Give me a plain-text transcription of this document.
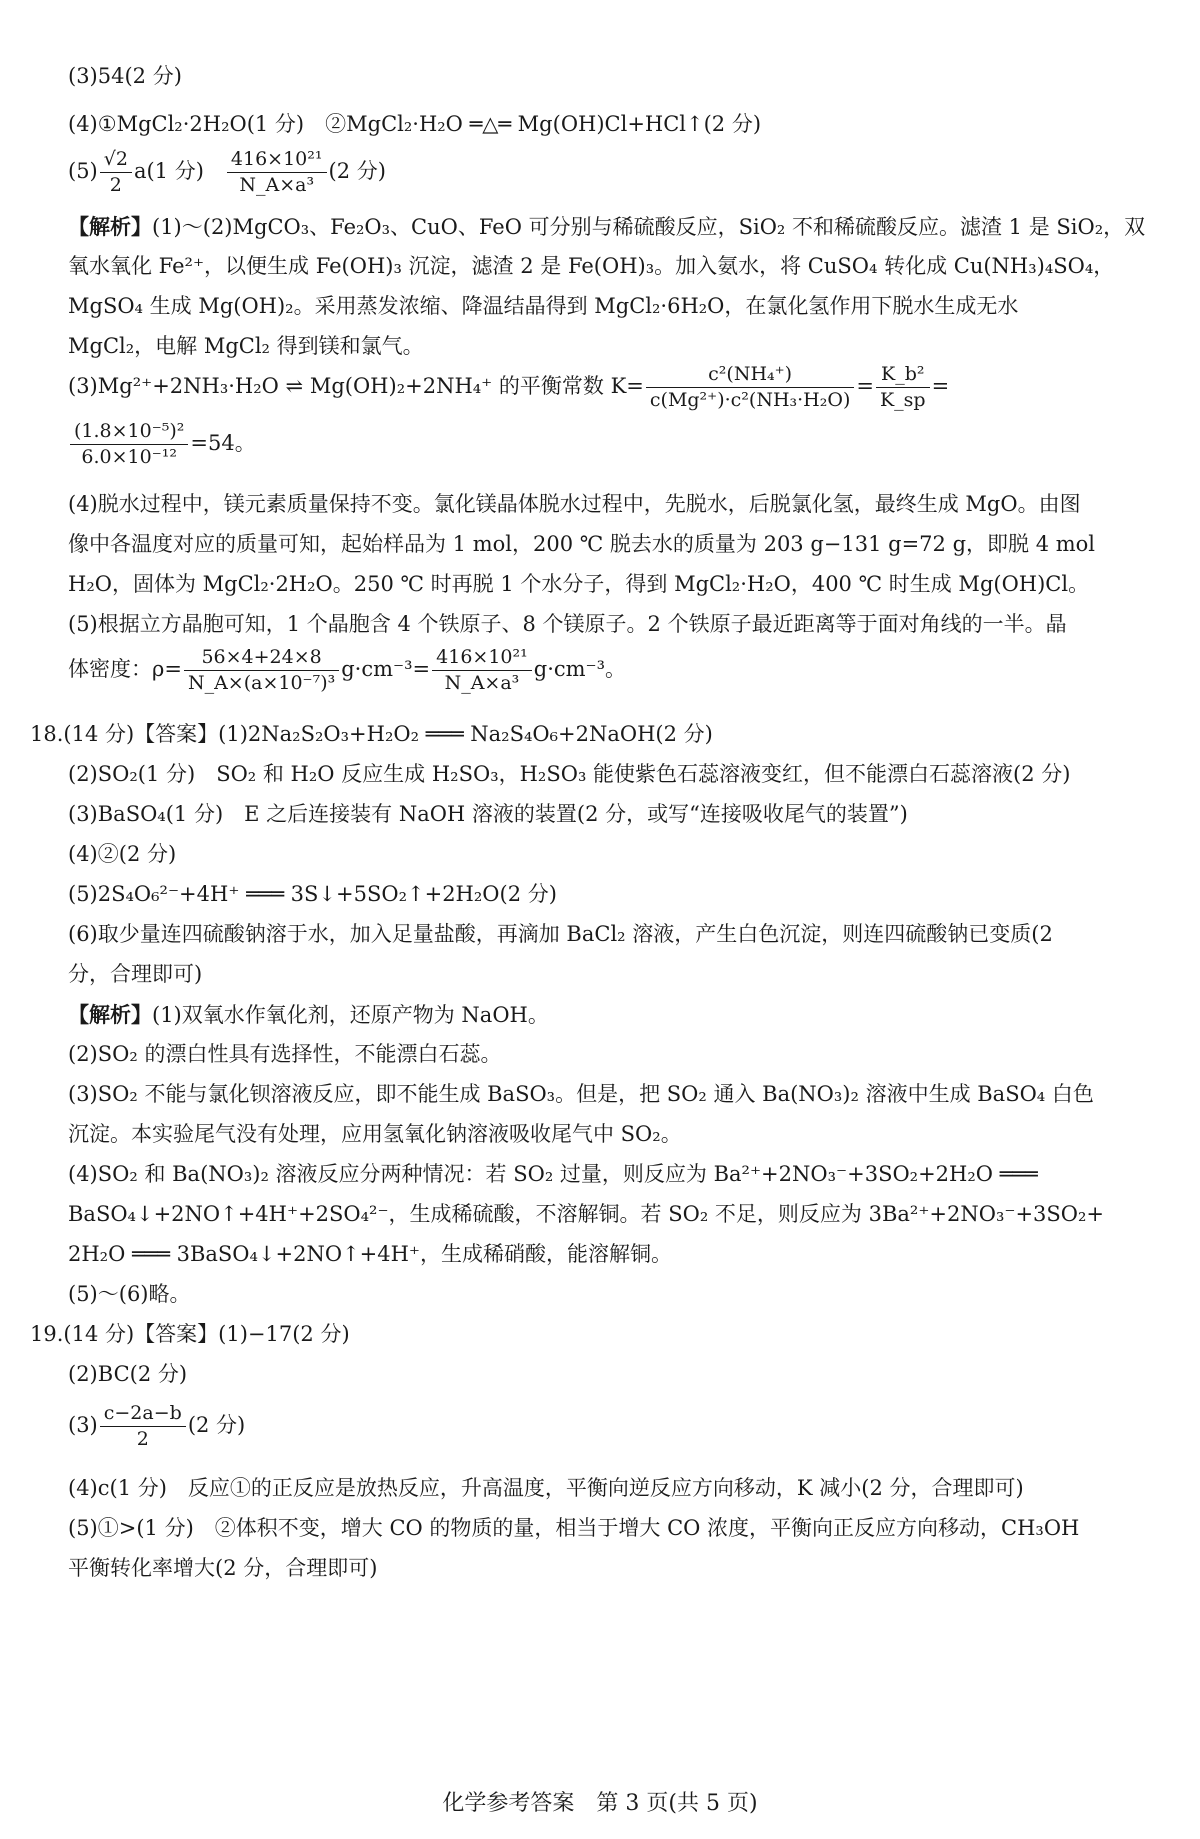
(3)54(2 分)
(4)①MgCl₂·2H₂O(1 分)　②MgCl₂·H₂O ═△═ Mg(OH)Cl+HCl↑(2 分)
$(5) \frac{√2}{2} a(1$ 分)　 $\frac{\text{416×10²¹}}{\text{N\_A×a³}} (2$ 分)
【解析】(1)～(2)MgCO₃、Fe₂O₃、CuO、FeO 可分别与稀硫酸反应，SiO₂ 不和稀硫酸反应。滤渣 1 是 SiO₂，双
氧水氧化 Fe²⁺，以便生成 Fe(OH)₃ 沉淀，滤渣 2 是 Fe(OH)₃。加入氨水，将 CuSO₄ 转化成 Cu(NH₃)₄SO₄，
MgSO₄ 生成 Mg(OH)₂。采用蒸发浓缩、降温结晶得到 MgCl₂·6H₂O，在氯化氢作用下脱水生成无水
MgCl₂，电解 MgCl₂ 得到镁和氯气。
(3)Mg²⁺+2NH₃·H₂O ⇌ Mg(OH)₂+2NH₄⁺ 的平衡常数 $K= \frac{\text{c²(NH₄⁺)}}{\text{c(Mg²⁺)·c²(NH₃·H₂O)}} = \frac{\text{K\_b²}}{K\_sp}$ =
$\frac{\text{(1.8×10⁻⁵)²}}{\text{6.0×10⁻¹²}} =54$。
(4)脱水过程中，镁元素质量保持不变。氯化镁晶体脱水过程中，先脱水，后脱氯化氢，最终生成 MgO。由图
像中各温度对应的质量可知，起始样品为 1 mol，200 ℃ 脱去水的质量为 203 g−131 g=72 g，即脱 4 mol
H₂O，固体为 MgCl₂·2H₂O。250 ℃ 时再脱 1 个水分子，得到 MgCl₂·H₂O，400 ℃ 时生成 Mg(OH)Cl。
(5)根据立方晶胞可知，1 个晶胞含 4 个铁原子、8 个镁原子。2 个铁原子最近距离等于面对角线的一半。晶
体密度：$\rho= \frac{56\times 4+24\times 8}{\text{N\_A×(a×10⁻⁷)³}} g\cdot cm^{-3}= \frac{\text{416×10²¹}}{\text{N\_A×a³}} g\cdot cm^{-3}$。
18.(14 分)【答案】(1)2Na₂S₂O₃+H₂O₂ ═══ Na₂S₄O₆+2NaOH(2 分)
(2)SO₂(1 分)　SO₂ 和 H₂O 反应生成 H₂SO₃，H₂SO₃ 能使紫色石蕊溶液变红，但不能漂白石蕊溶液(2 分)
(3)BaSO₄(1 分)　E 之后连接装有 NaOH 溶液的装置(2 分，或写“连接吸收尾气的装置”)
(4)②(2 分)
(5)2S₄O₆²⁻+4H⁺ ═══ 3S↓+5SO₂↑+2H₂O(2 分)
(6)取少量连四硫酸钠溶于水，加入足量盐酸，再滴加 BaCl₂ 溶液，产生白色沉淀，则连四硫酸钠已变质(2
分，合理即可)
【解析】(1)双氧水作氧化剂，还原产物为 NaOH。
(2)SO₂ 的漂白性具有选择性，不能漂白石蕊。
(3)SO₂ 不能与氯化钡溶液反应，即不能生成 BaSO₃。但是，把 SO₂ 通入 Ba(NO₃)₂ 溶液中生成 BaSO₄ 白色
沉淀。本实验尾气没有处理，应用氢氧化钠溶液吸收尾气中 SO₂。
(4)SO₂ 和 Ba(NO₃)₂ 溶液反应分两种情况：若 SO₂ 过量，则反应为 Ba²⁺+2NO₃⁻+3SO₂+2H₂O ═══
BaSO₄↓+2NO↑+4H⁺+2SO₄²⁻，生成稀硫酸，不溶解铜。若 SO₂ 不足，则反应为 3Ba²⁺+2NO₃⁻+3SO₂+
2H₂O ═══ 3BaSO₄↓+2NO↑+4H⁺，生成稀硝酸，能溶解铜。
(5)～(6)略。
19.(14 分)【答案】(1)−17(2 分)
(2)BC(2 分)
$(3) \frac{c-2a-b}{2} (2$ 分)
(4)c(1 分)　反应①的正反应是放热反应，升高温度，平衡向逆反应方向移动，K 减小(2 分，合理即可)
(5)①>(1 分)　②体积不变，增大 CO 的物质的量，相当于增大 CO 浓度，平衡向正反应方向移动，CH₃OH
平衡转化率增大(2 分，合理即可)
化学参考答案　第 3 页(共 5 页)
